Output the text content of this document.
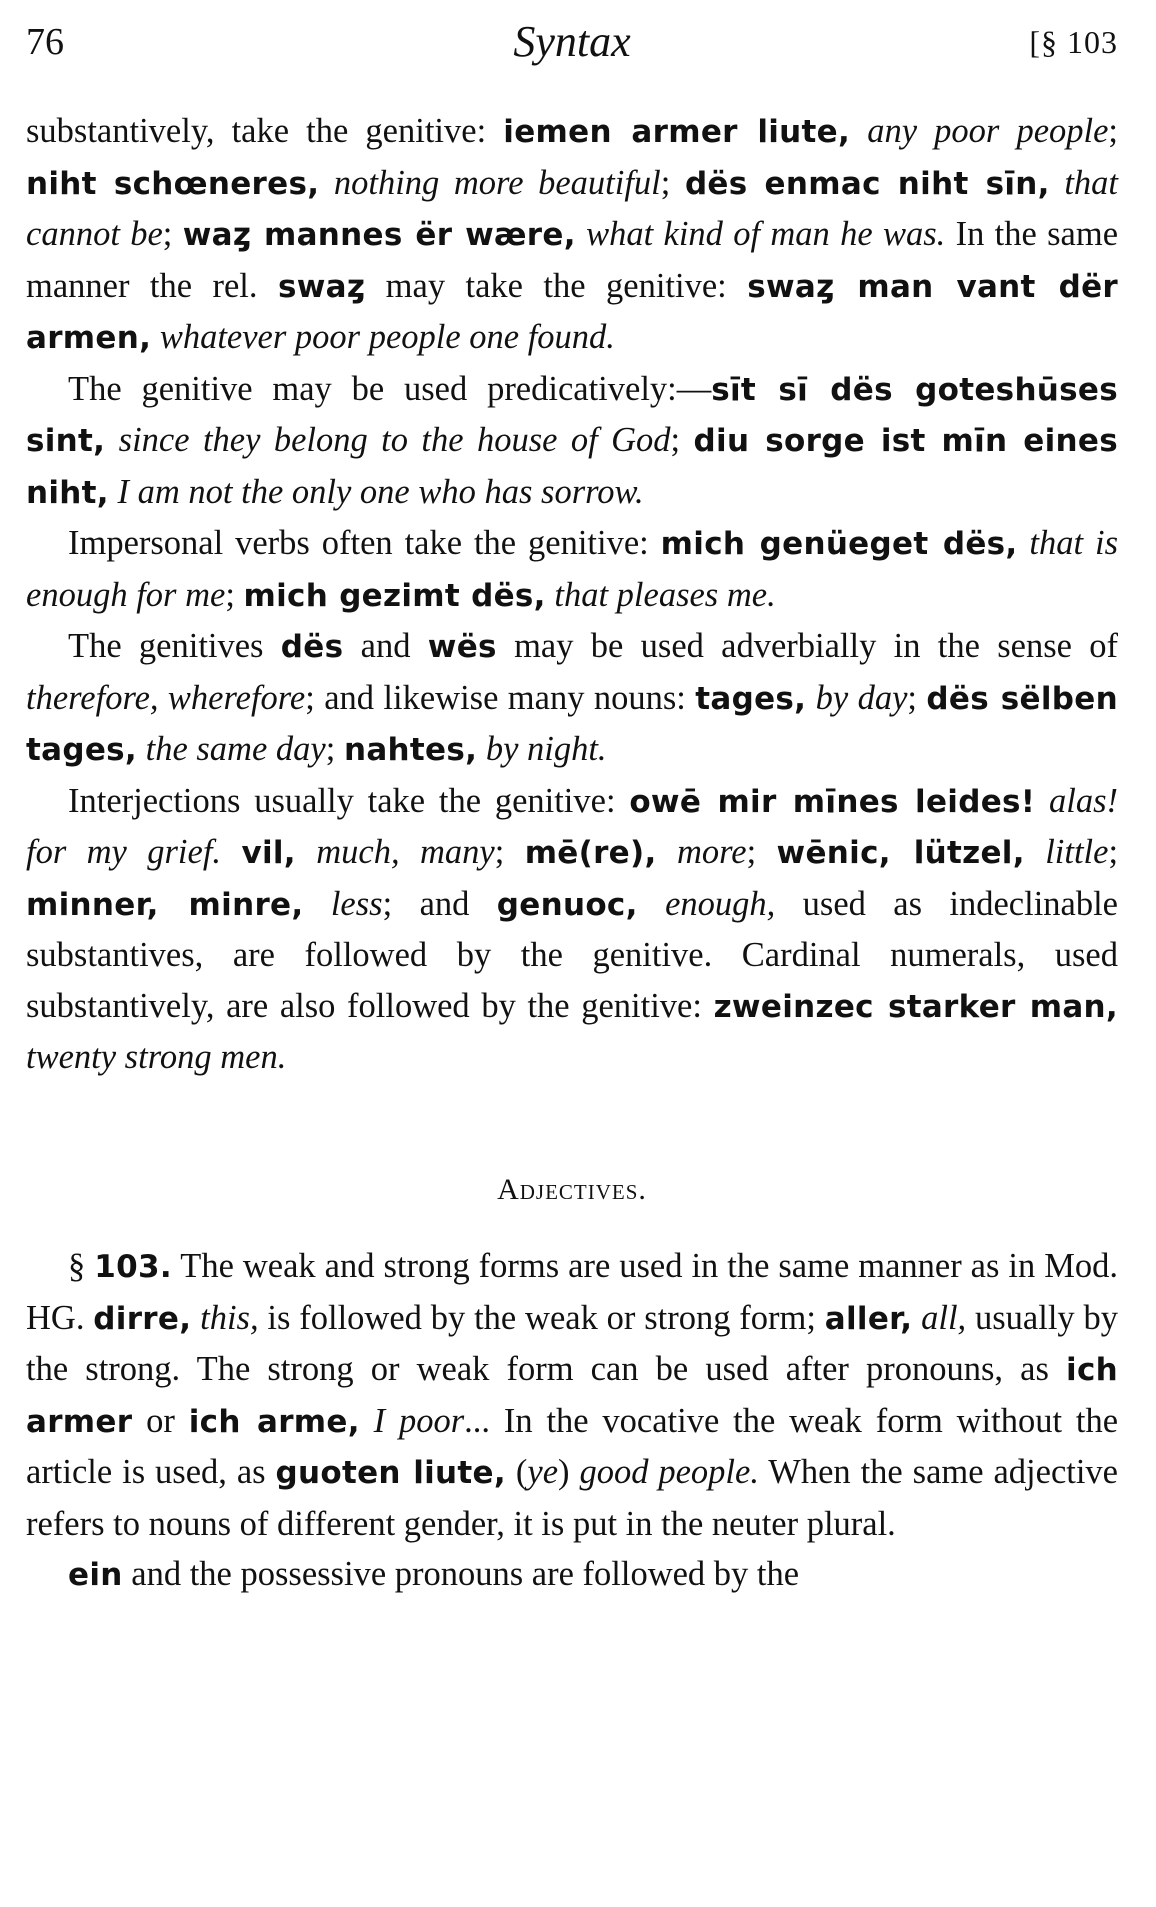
76	Syntax	[§ 103

substantively, take the genitive: iemen armer liute, any poor people; niht schœneres, nothing more beautiful; dës enmac niht sīn, that cannot be; waȥ mannes ër wære, what kind of man he was. In the same manner the rel. swaȥ may take the genitive: swaȥ man vant dër armen, whatever poor people one found.

The genitive may be used predicatively:—sīt sī dës goteshūses sint, since they belong to the house of God; diu sorge ist mīn eines niht, I am not the only one who has sorrow.

Impersonal verbs often take the genitive: mich genüeget dës, that is enough for me; mich gezimt dës, that pleases me.

The genitives dës and wës may be used adverbially in the sense of therefore, wherefore; and likewise many nouns: tages, by day; dës sëlben tages, the same day; nahtes, by night.

Interjections usually take the genitive: owē mir mīnes leides! alas! for my grief. vil, much, many; mē(re), more; wēnic, lützel, little; minner, minre, less; and genuoc, enough, used as indeclinable substantives, are followed by the genitive. Cardinal numerals, used substantively, are also followed by the genitive: zweinzec starker man, twenty strong men.

Adjectives.

§ 103. The weak and strong forms are used in the same manner as in Mod. HG. dirre, this, is followed by the weak or strong form; aller, all, usually by the strong. The strong or weak form can be used after pronouns, as ich armer or ich arme, I poor... In the vocative the weak form without the article is used, as guoten liute, (ye) good people. When the same adjective refers to nouns of different gender, it is put in the neuter plural.

ein and the possessive pronouns are followed by the
